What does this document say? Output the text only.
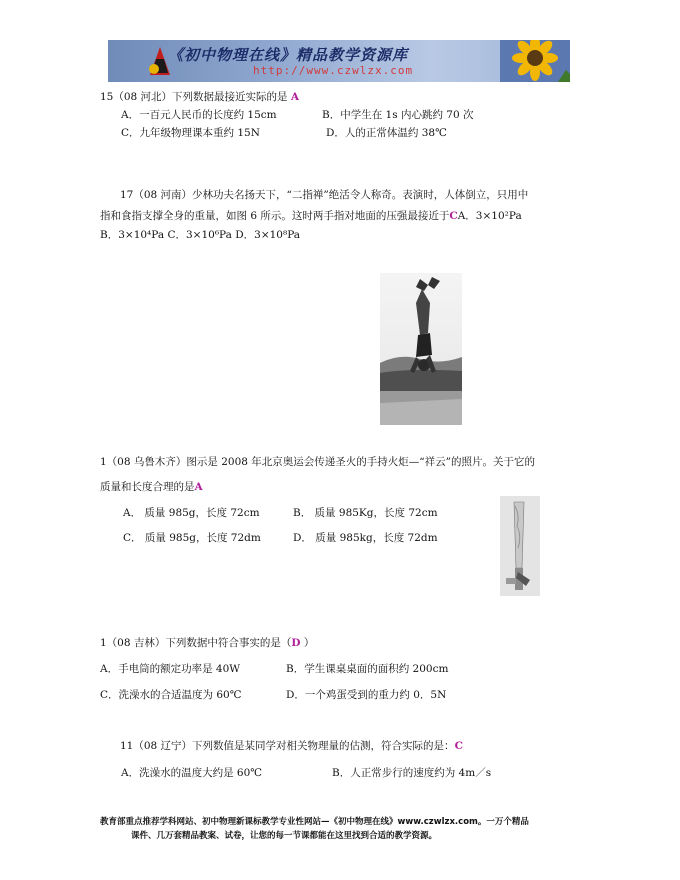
《初中物理在线》精品教学资源库
http://www.czwlzx.com
15（08 河北）下列数据最接近实际的是 A
A．一百元人民币的长度约 15cm	B．中学生在 1s 内心跳约 70 次
C．九年级物理课本重约 15N	D．人的正常体温约 38℃
17（08 河南）少林功夫名扬天下，“二指禅”绝活令人称奇。表演时，人体倒立，只用中
指和食指支撑全身的重量，如图 6 所示。这时两手指对地面的压强最接近于CA．3×10²Pa
B．3×10⁴Pa C．3×10⁶Pa D．3×10⁸Pa
1（08 乌鲁木齐）图示是 2008 年北京奥运会传递圣火的手持火炬—“祥云”的照片。关于它的
质量和长度合理的是A
A． 质量 985g，长度 72cm	B． 质量 985Kg，长度 72cm
C． 质量 985g，长度 72dm	D． 质量 985kg，长度 72dm
1（08 吉林）下列数据中符合事实的是（D ）
A．手电筒的额定功率是 40W	B．学生课桌桌面的面积约 200cm
C．洗澡水的合适温度为 60℃	D．一个鸡蛋受到的重力约 0．5N
11（08 辽宁）下列数值是某同学对相关物理量的估测，符合实际的是：C
A．洗澡水的温度大约是 60℃	B．人正常步行的速度约为 4m／s
教育部重点推荐学科网站、初中物理新课标教学专业性网站—《初中物理在线》www.czwlzx.com。一万个精品
课件、几万套精品教案、试卷，让您的每一节课都能在这里找到合适的教学资源。
